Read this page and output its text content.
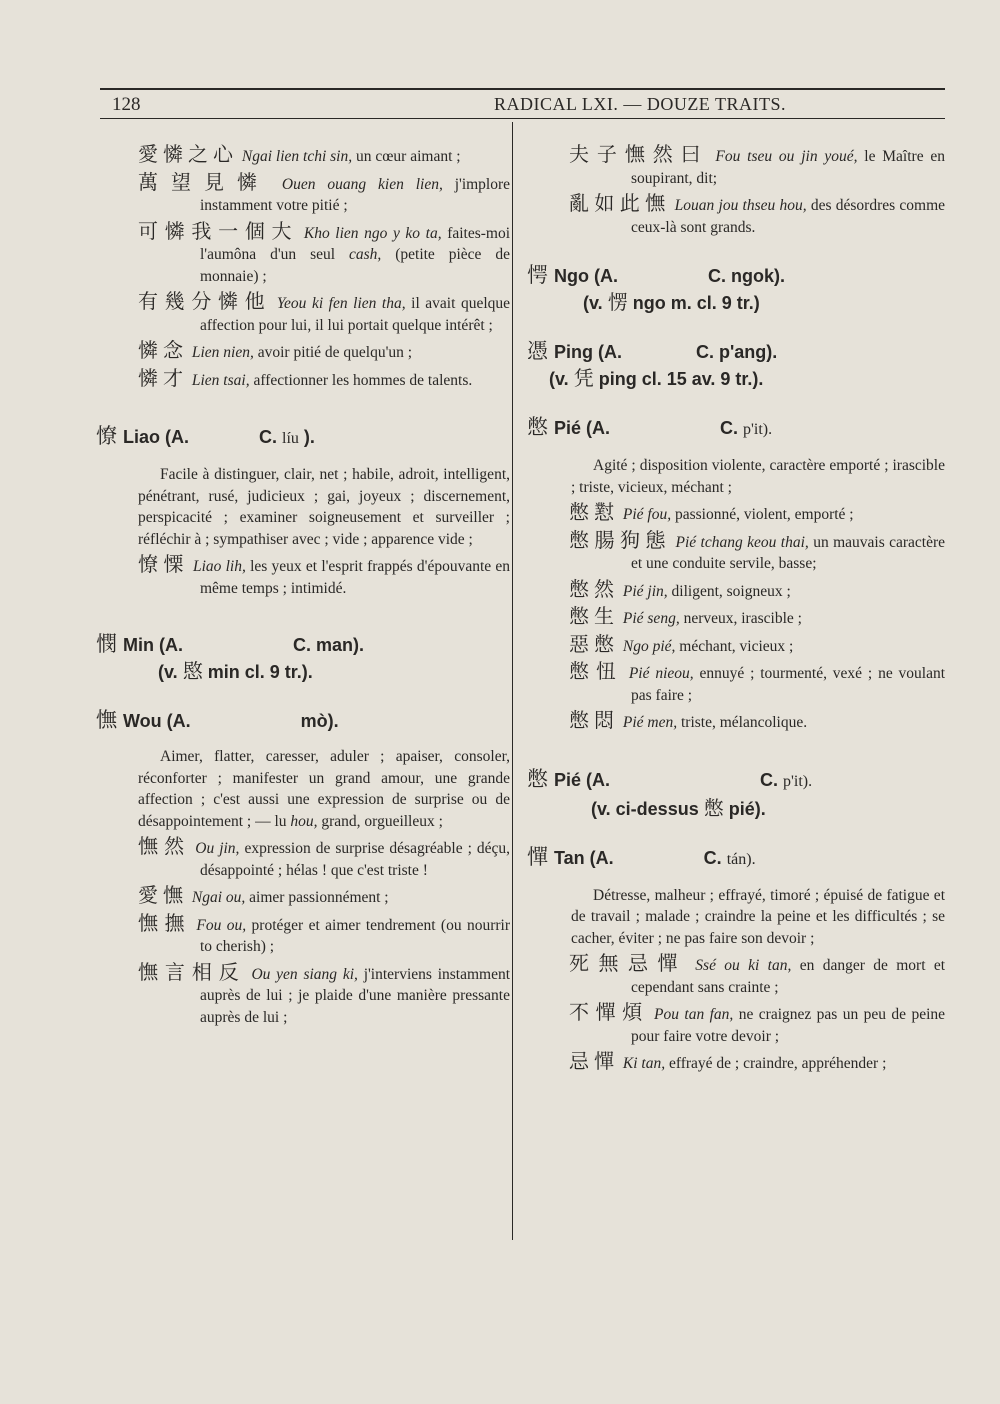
128	RADICAL LXI. — DOUZE TRAITS.
愛憐之心 Ngai lien tchi sin, un cœur aimant ;
萬望見憐 Ouen ouang kien lien, j'implore instamment votre pitié ;
可憐我一個大 Kho lien ngo y ko ta, faites-moi l'aumôna d'un seul cash, (petite pièce de monnaie) ;
有幾分憐他 Yeou ki fen lien tha, il avait quelque affection pour lui, il lui portait quelque intérêt ;
憐念 Lien nien, avoir pitié de quelqu'un ;
憐才 Lien tsai, affectionner les hommes de talents.
憭 Liao (A.	C. líu ).
Facile à distinguer, clair, net ; habile, adroit, intelligent, pénétrant, rusé, judicieux ; gai, joyeux ; discernement, perspicacité ; examiner soigneusement et surveiller ; réfléchir à ; sympathiser avec ; vide ; apparence vide ;
憭慄 Liao lih, les yeux et l'esprit frappés d'épouvante en même temps ; intimidé.
憫 Min (A.	C. man).
(v. 愍 min cl. 9 tr.).
憮 Wou (A.	mò).
Aimer, flatter, caresser, aduler ; apaiser, consoler, réconforter ; manifester un grand amour, une grande affection ; c'est aussi une expression de surprise ou de désappointement ; — lu hou, grand, orgueilleux ;
憮然 Ou jin, expression de surprise désagréable ; déçu, désappointé ; hélas ! que c'est triste !
愛憮 Ngai ou, aimer passionnément ;
憮撫 Fou ou, protéger et aimer tendrement (ou nourrir to cherish) ;
憮言相反 Ou yen siang ki, j'interviens instamment auprès de lui ; je plaide d'une manière pressante auprès de lui ;
夫子憮然曰 Fou tseu ou jin youé, le Maître en soupirant, dit;
亂如此憮 Louan jou thseu hou, des désordres comme ceux-là sont grands.
愕 Ngo (A.	C. ngok).
(v. 愣 ngo m. cl. 9 tr.)
憑 Ping (A.	C. p'ang).
(v. 凭 ping cl. 15 av. 9 tr.).
憋 Pié (A.	C. p'it).
Agité ; disposition violente, caractère emporté ; irascible ; triste, vicieux, méchant ;
憋懟 Pié fou, passionné, violent, emporté ;
憋腸狗態 Pié tchang keou thai, un mauvais caractère et une conduite servile, basse;
憋然 Pié jin, diligent, soigneux ;
憋生 Pié seng, nerveux, irascible ;
惡憋 Ngo pié, méchant, vicieux ;
憋忸 Pié nieou, ennuyé ; tourmenté, vexé ; ne voulant pas faire ;
憋悶 Pié men, triste, mélancolique.
憋 Pié (A.	C. p'it).
(v. ci-dessus 憋 pié).
憚 Tan (A.	C. tán).
Détresse, malheur ; effrayé, timoré ; épuisé de fatigue et de travail ; malade ; craindre la peine et les difficultés ; se cacher, éviter ; ne pas faire son devoir ;
死無忌憚 Ssé ou ki tan, en danger de mort et cependant sans crainte ;
不憚煩 Pou tan fan, ne craignez pas un peu de peine pour faire votre devoir ;
忌憚 Ki tan, effrayé de ; craindre, appréhender ;
